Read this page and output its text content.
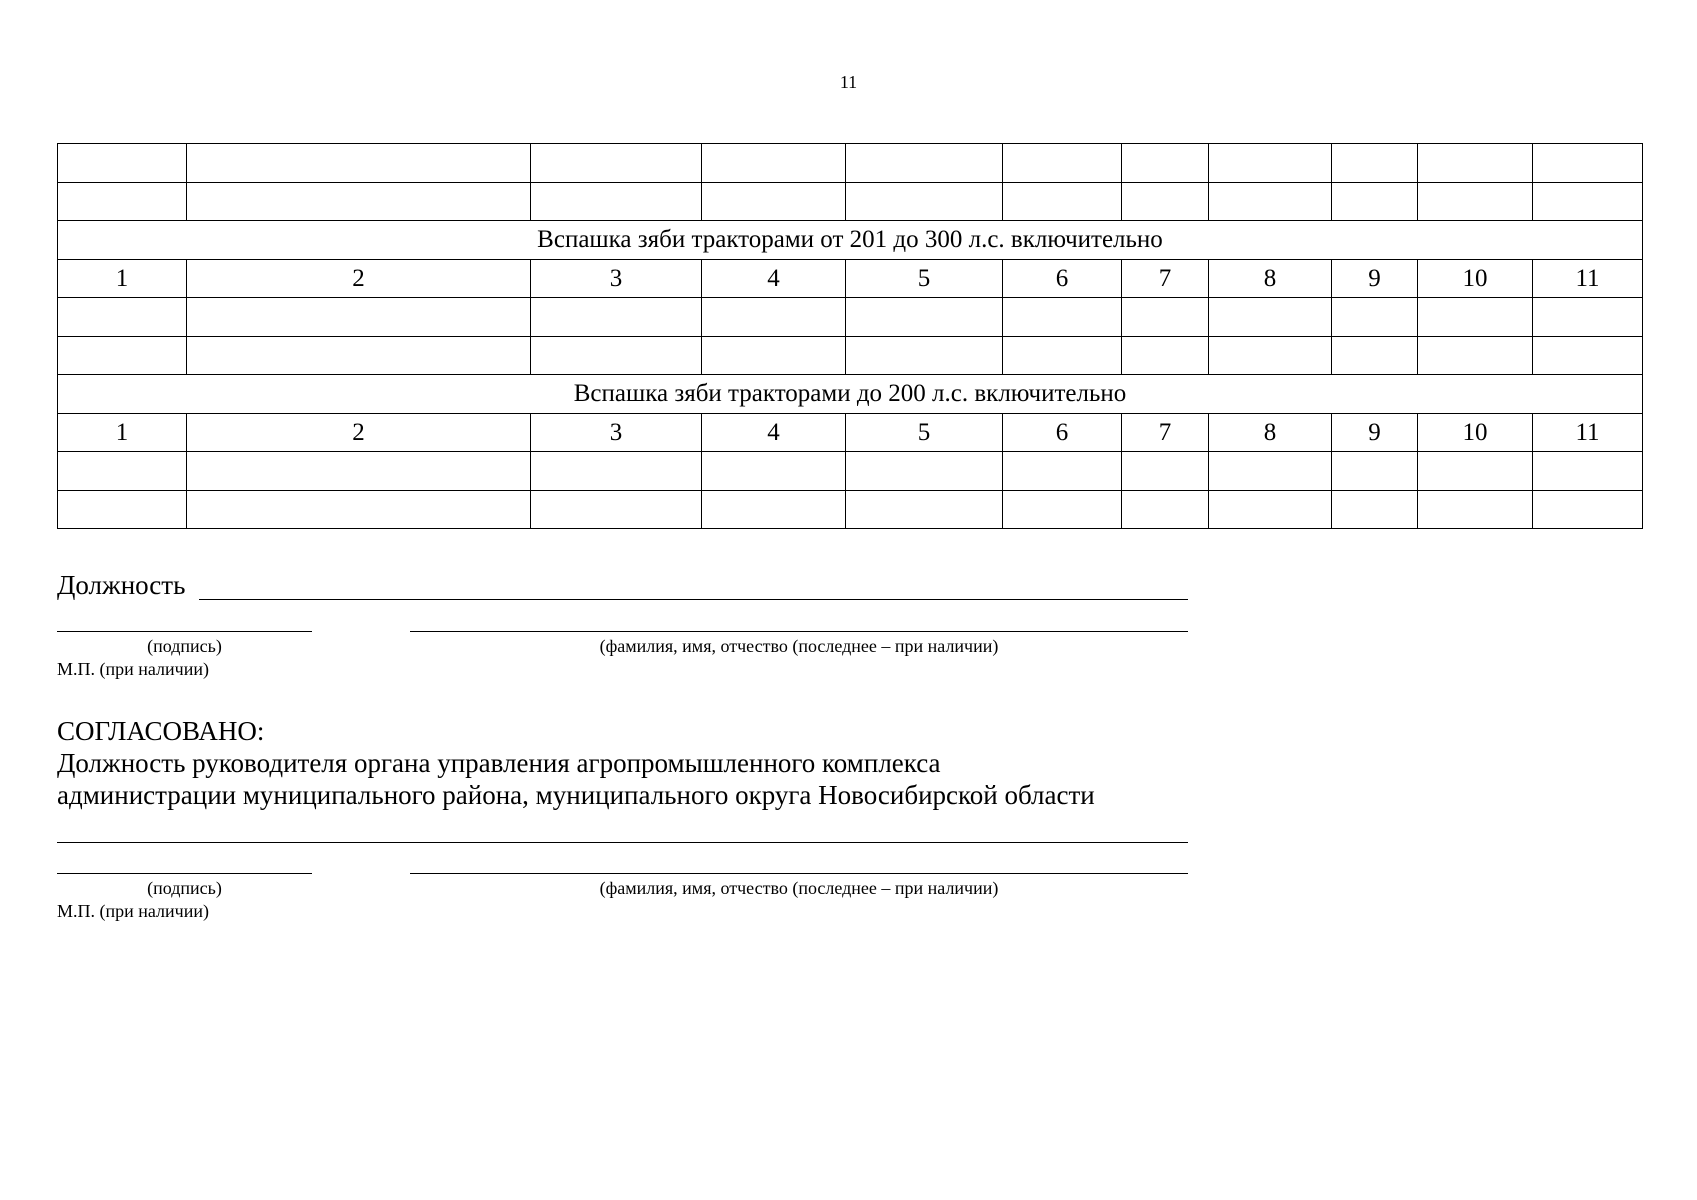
11

Вспашка зяби тракторами от 201 до 300 л.с. включительно										
1	2	3	4	5	6	7	8	9	10	11

Вспашка зяби тракторами до 200 л.с. включительно										
1	2	3	4	5	6	7	8	9	10	11

Должность
(подпись)	(фамилия, имя, отчество (последнее – при наличии)
М.П. (при наличии)
СОГЛАСОВАНО:
Должность руководителя органа управления агропромышленного комплекса
администрации муниципального района, муниципального округа Новосибирской области
(подпись)	(фамилия, имя, отчество (последнее – при наличии)
М.П. (при наличии)
